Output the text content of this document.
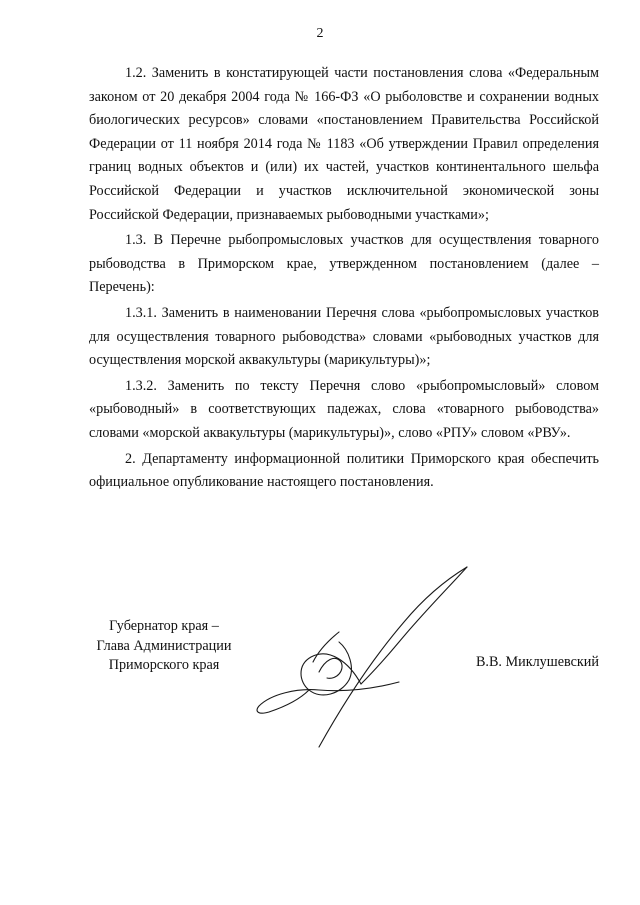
2

1.2. Заменить в констатирующей части постановления слова «Федеральным законом от 20 декабря 2004 года № 166-ФЗ «О рыболовстве и сохранении водных биологических ресурсов» словами «постановлением Правительства Российской Федерации от 11 ноября 2014 года № 1183 «Об утверждении Правил определения границ водных объектов и (или) их частей, участков континентального шельфа Российской Федерации и участков исключительной экономической зоны Российской Федерации, признаваемых рыбоводными участками»;

1.3. В Перечне рыбопромысловых участков для осуществления товарного рыбоводства в Приморском крае, утвержденном постановлением (далее – Перечень):

1.3.1. Заменить в наименовании Перечня слова «рыбопромысловых участков для осуществления товарного рыбоводства» словами «рыбоводных участков для осуществления морской аквакультуры (марикультуры)»;

1.3.2. Заменить по тексту Перечня слово «рыбопромысловый» словом «рыбоводный» в соответствующих падежах, слова «товарного рыбоводства» словами «морской аквакультуры (марикультуры)», слово «РПУ» словом «РВУ».

2. Департаменту информационной политики Приморского края обеспечить официальное опубликование настоящего постановления.

Губернатор края –
Глава Администрации
Приморского края	В.В. Миклушевский
